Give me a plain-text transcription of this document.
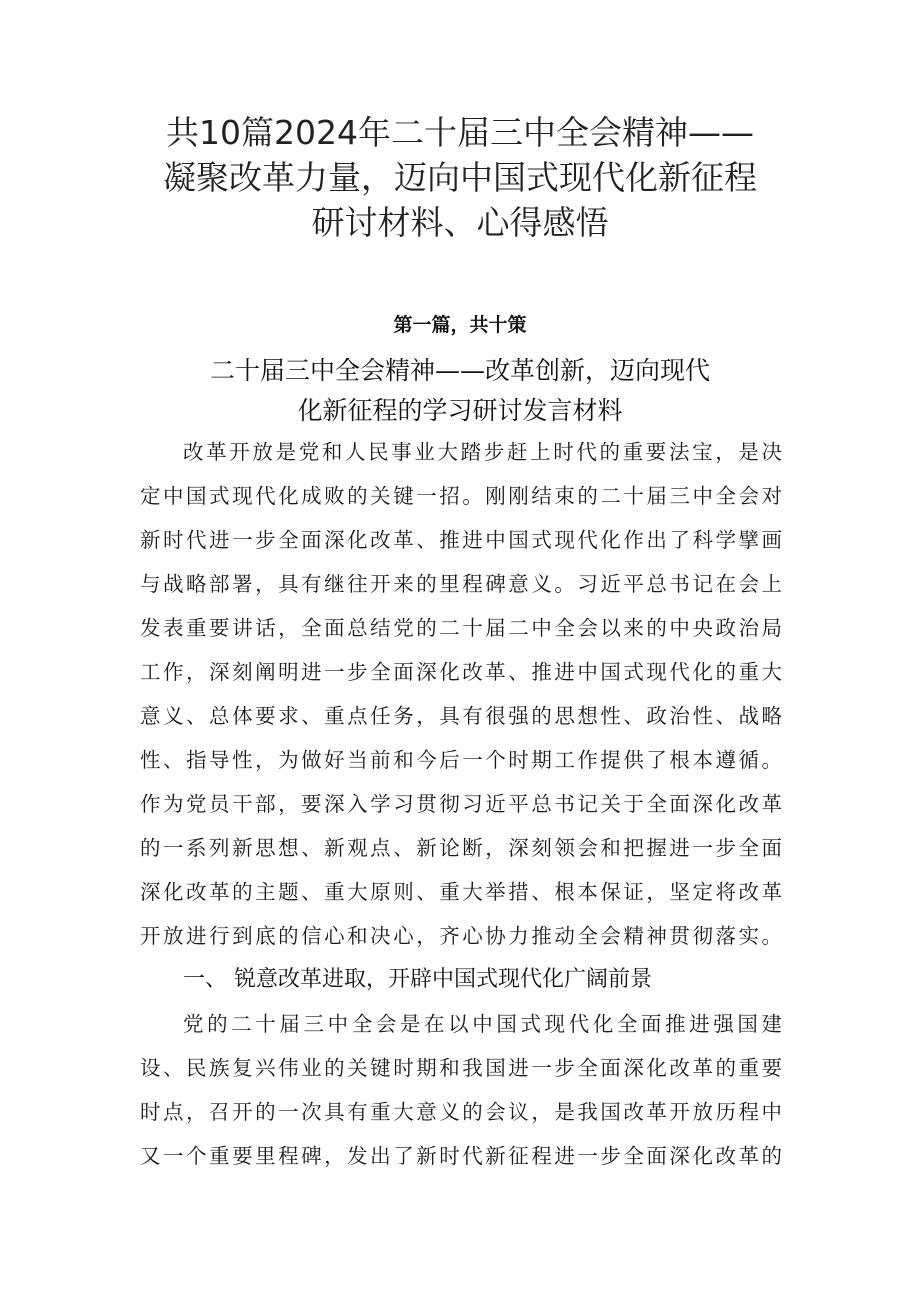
共10篇2024年二十届三中全会精神——
凝聚改革力量，迈向中国式现代化新征程
研讨材料、心得感悟
第一篇，共十策
二十届三中全会精神——改革创新，迈向现代
化新征程的学习研讨发言材料
改革开放是党和人民事业大踏步赶上时代的重要法宝，是决
定中国式现代化成败的关键一招。刚刚结束的二十届三中全会对
新时代进一步全面深化改革、推进中国式现代化作出了科学擘画
与战略部署，具有继往开来的里程碑意义。习近平总书记在会上
发表重要讲话，全面总结党的二十届二中全会以来的中央政治局
工作，深刻阐明进一步全面深化改革、推进中国式现代化的重大
意义、总体要求、重点任务，具有很强的思想性、政治性、战略
性、指导性，为做好当前和今后一个时期工作提供了根本遵循。
作为党员干部，要深入学习贯彻习近平总书记关于全面深化改革
的一系列新思想、新观点、新论断，深刻领会和把握进一步全面
深化改革的主题、重大原则、重大举措、根本保证，坚定将改革
开放进行到底的信心和决心，齐心协力推动全会精神贯彻落实。
一、 锐意改革进取，开辟中国式现代化广阔前景
党的二十届三中全会是在以中国式现代化全面推进强国建
设、民族复兴伟业的关键时期和我国进一步全面深化改革的重要
时点，召开的一次具有重大意义的会议，是我国改革开放历程中
又一个重要里程碑，发出了新时代新征程进一步全面深化改革的
